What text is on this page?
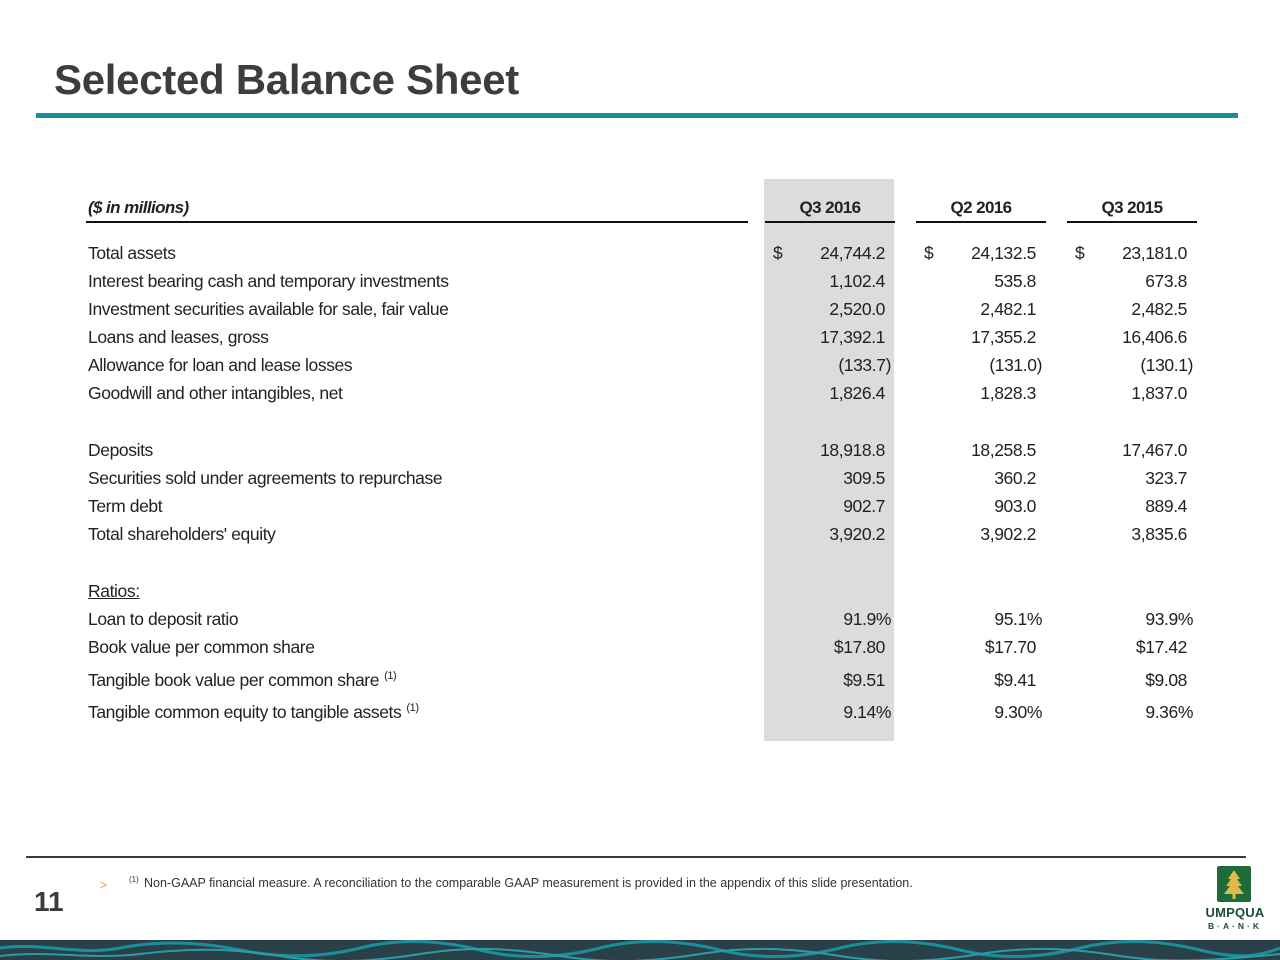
Selected Balance Sheet
($ in millions)	Q3 2016	Q2 2016	Q3 2015
Total assets	$ 24,744.2 $ 24,132.5 $ 23,181.0
Interest bearing cash and temporary investments	1,102.4	535.8	673.8
Investment securities available for sale, fair value	2,520.0	2,482.1	2,482.5
Loans and leases, gross	17,392.1	17,355.2	16,406.6
Allowance for loan and lease losses	(133.7)	(131.0)	(130.1)
Goodwill and other intangibles, net	1,826.4	1,828.3	1,837.0
Deposits	18,918.8	18,258.5	17,467.0
Securities sold under agreements to repurchase	309.5	360.2	323.7
Term debt	902.7	903.0	889.4
Total shareholders' equity	3,920.2	3,902.2	3,835.6
Ratios:
Loan to deposit ratio	91.9%	95.1%	93.9%
Book value per common share	$17.80	$17.70	$17.42
Tangible book value per common share $^{(1)}$	$9.51	$9.41	$9.08
Tangible common equity to tangible assets $^{(1)}$	9.14%	9.30%	9.36%
>	(1) Non-GAAP financial measure. A reconciliation to the comparable GAAP measurement is provided in the appendix of this slide presentation.
11	UMPQUA
B·A·N·K
